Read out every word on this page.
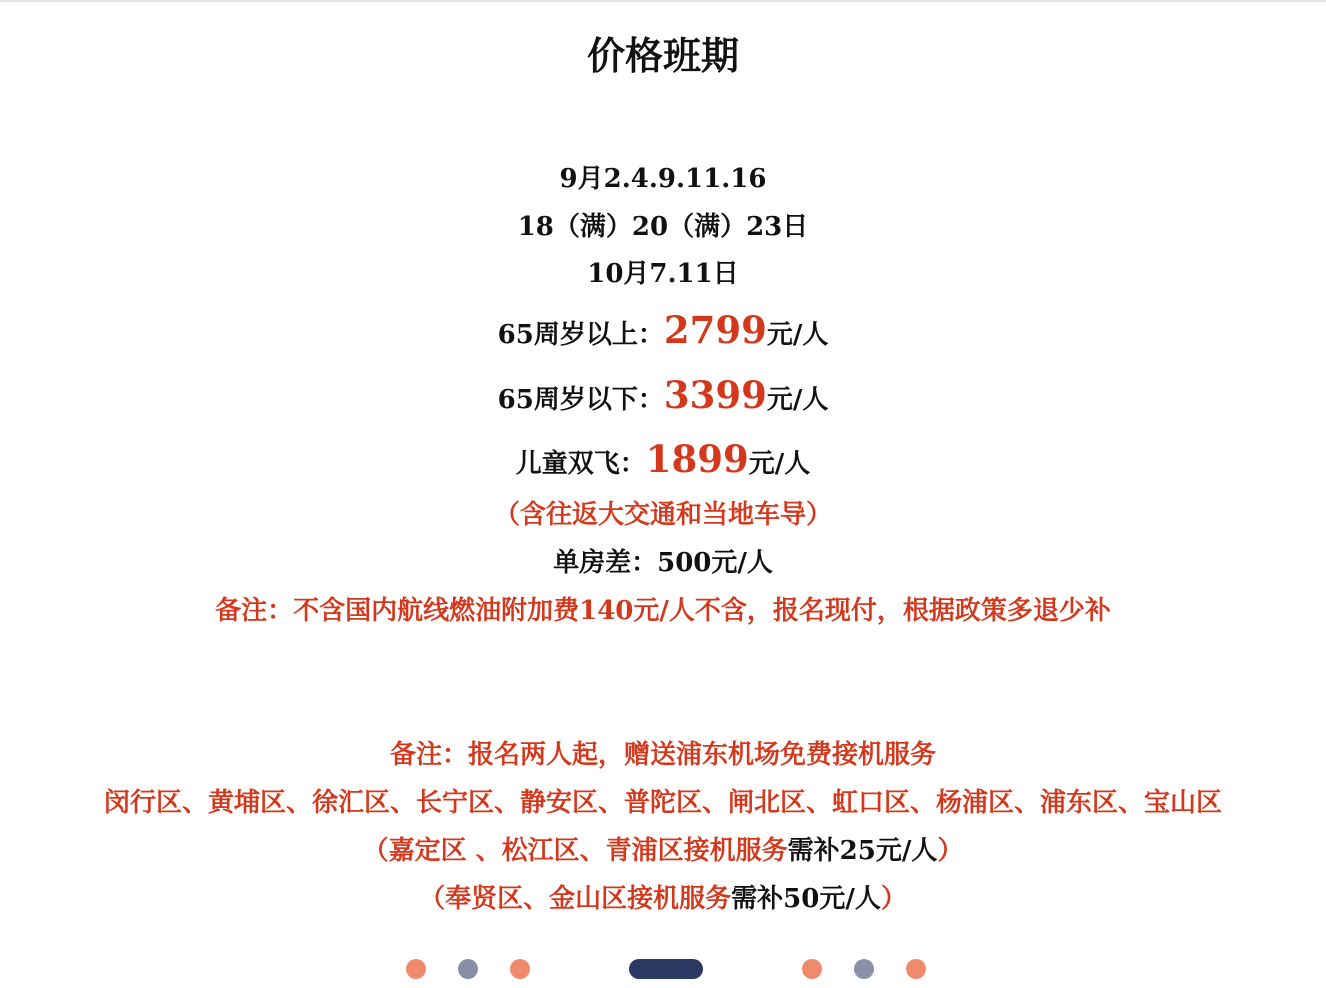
价格班期
9月2.4.9.11.16
18（满）20（满）23日
10月7.11日
65周岁以上：2799元/人
65周岁以下：3399元/人
儿童双飞：1899元/人
（含往返大交通和当地车导）
单房差：500元/人
备注：不含国内航线燃油附加费140元/人不含，报名现付，根据政策多退少补
备注：报名两人起，赠送浦东机场免费接机服务
闵行区、黄埔区、徐汇区、长宁区、静安区、普陀区、闸北区、虹口区、杨浦区、浦东区、宝山区
（嘉定区 、松江区、青浦区接机服务需补25元/人）
（奉贤区、金山区接机服务需补50元/人）
